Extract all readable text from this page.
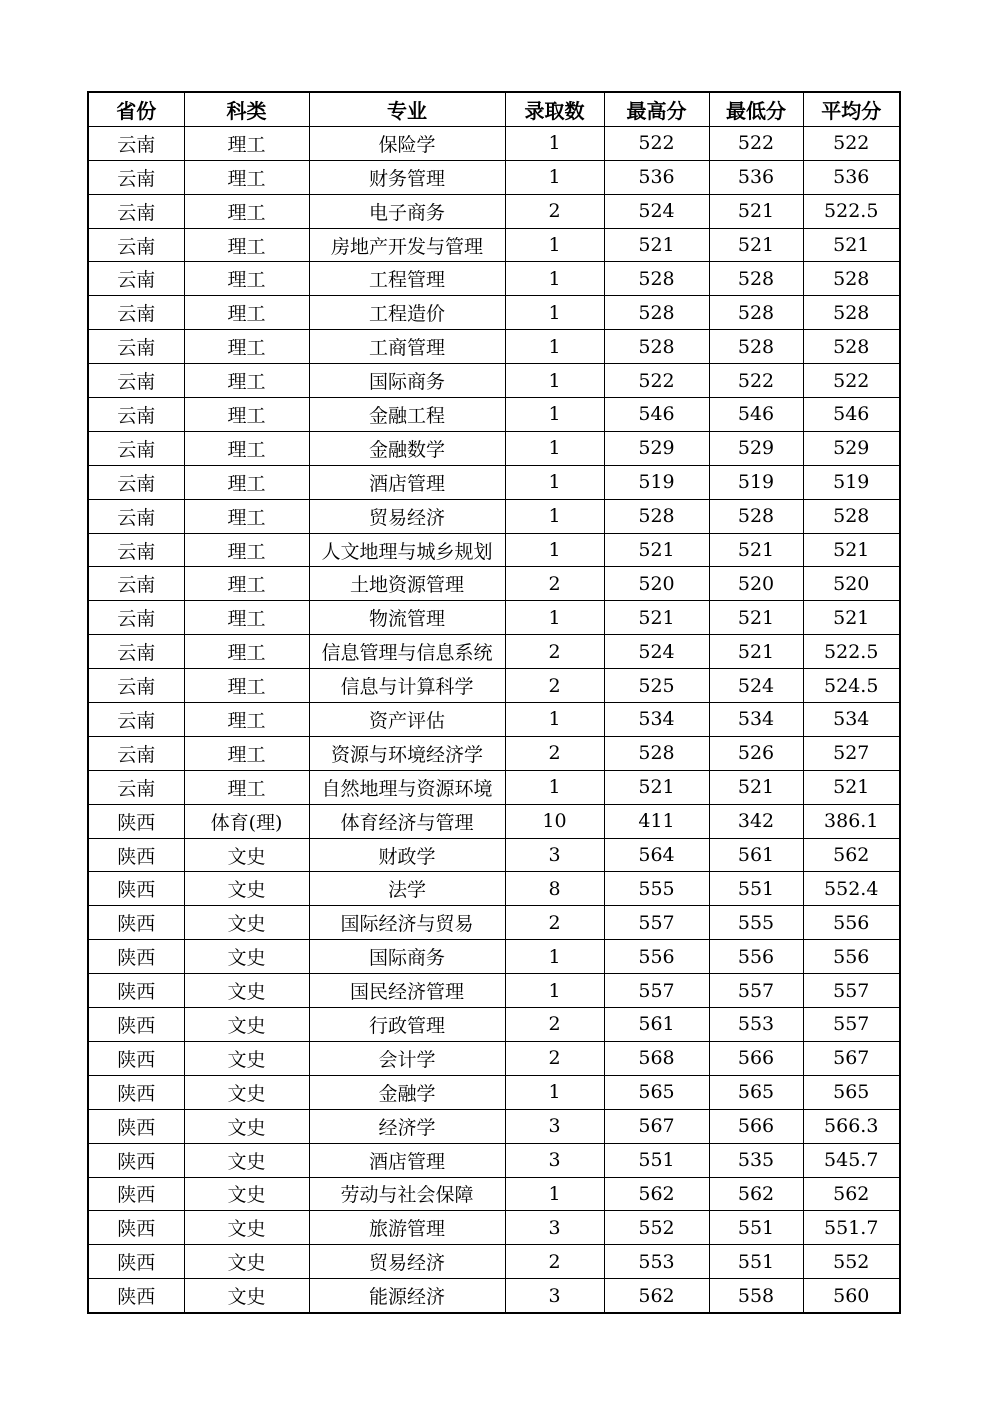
省份	科类	专业	录取数	最高分	最低分	平均分
云南	理工	保险学	1	522	522	522
云南	理工	财务管理	1	536	536	536
云南	理工	电子商务	2	524	521	522.5
云南	理工	房地产开发与管理	1	521	521	521
云南	理工	工程管理	1	528	528	528
云南	理工	工程造价	1	528	528	528
云南	理工	工商管理	1	528	528	528
云南	理工	国际商务	1	522	522	522
云南	理工	金融工程	1	546	546	546
云南	理工	金融数学	1	529	529	529
云南	理工	酒店管理	1	519	519	519
云南	理工	贸易经济	1	528	528	528
云南	理工	人文地理与城乡规划	1	521	521	521
云南	理工	土地资源管理	2	520	520	520
云南	理工	物流管理	1	521	521	521
云南	理工	信息管理与信息系统	2	524	521	522.5
云南	理工	信息与计算科学	2	525	524	524.5
云南	理工	资产评估	1	534	534	534
云南	理工	资源与环境经济学	2	528	526	527
云南	理工	自然地理与资源环境	1	521	521	521
陕西	体育(理)	体育经济与管理	10	411	342	386.1
陕西	文史	财政学	3	564	561	562
陕西	文史	法学	8	555	551	552.4
陕西	文史	国际经济与贸易	2	557	555	556
陕西	文史	国际商务	1	556	556	556
陕西	文史	国民经济管理	1	557	557	557
陕西	文史	行政管理	2	561	553	557
陕西	文史	会计学	2	568	566	567
陕西	文史	金融学	1	565	565	565
陕西	文史	经济学	3	567	566	566.3
陕西	文史	酒店管理	3	551	535	545.7
陕西	文史	劳动与社会保障	1	562	562	562
陕西	文史	旅游管理	3	552	551	551.7
陕西	文史	贸易经济	2	553	551	552
陕西	文史	能源经济	3	562	558	560
